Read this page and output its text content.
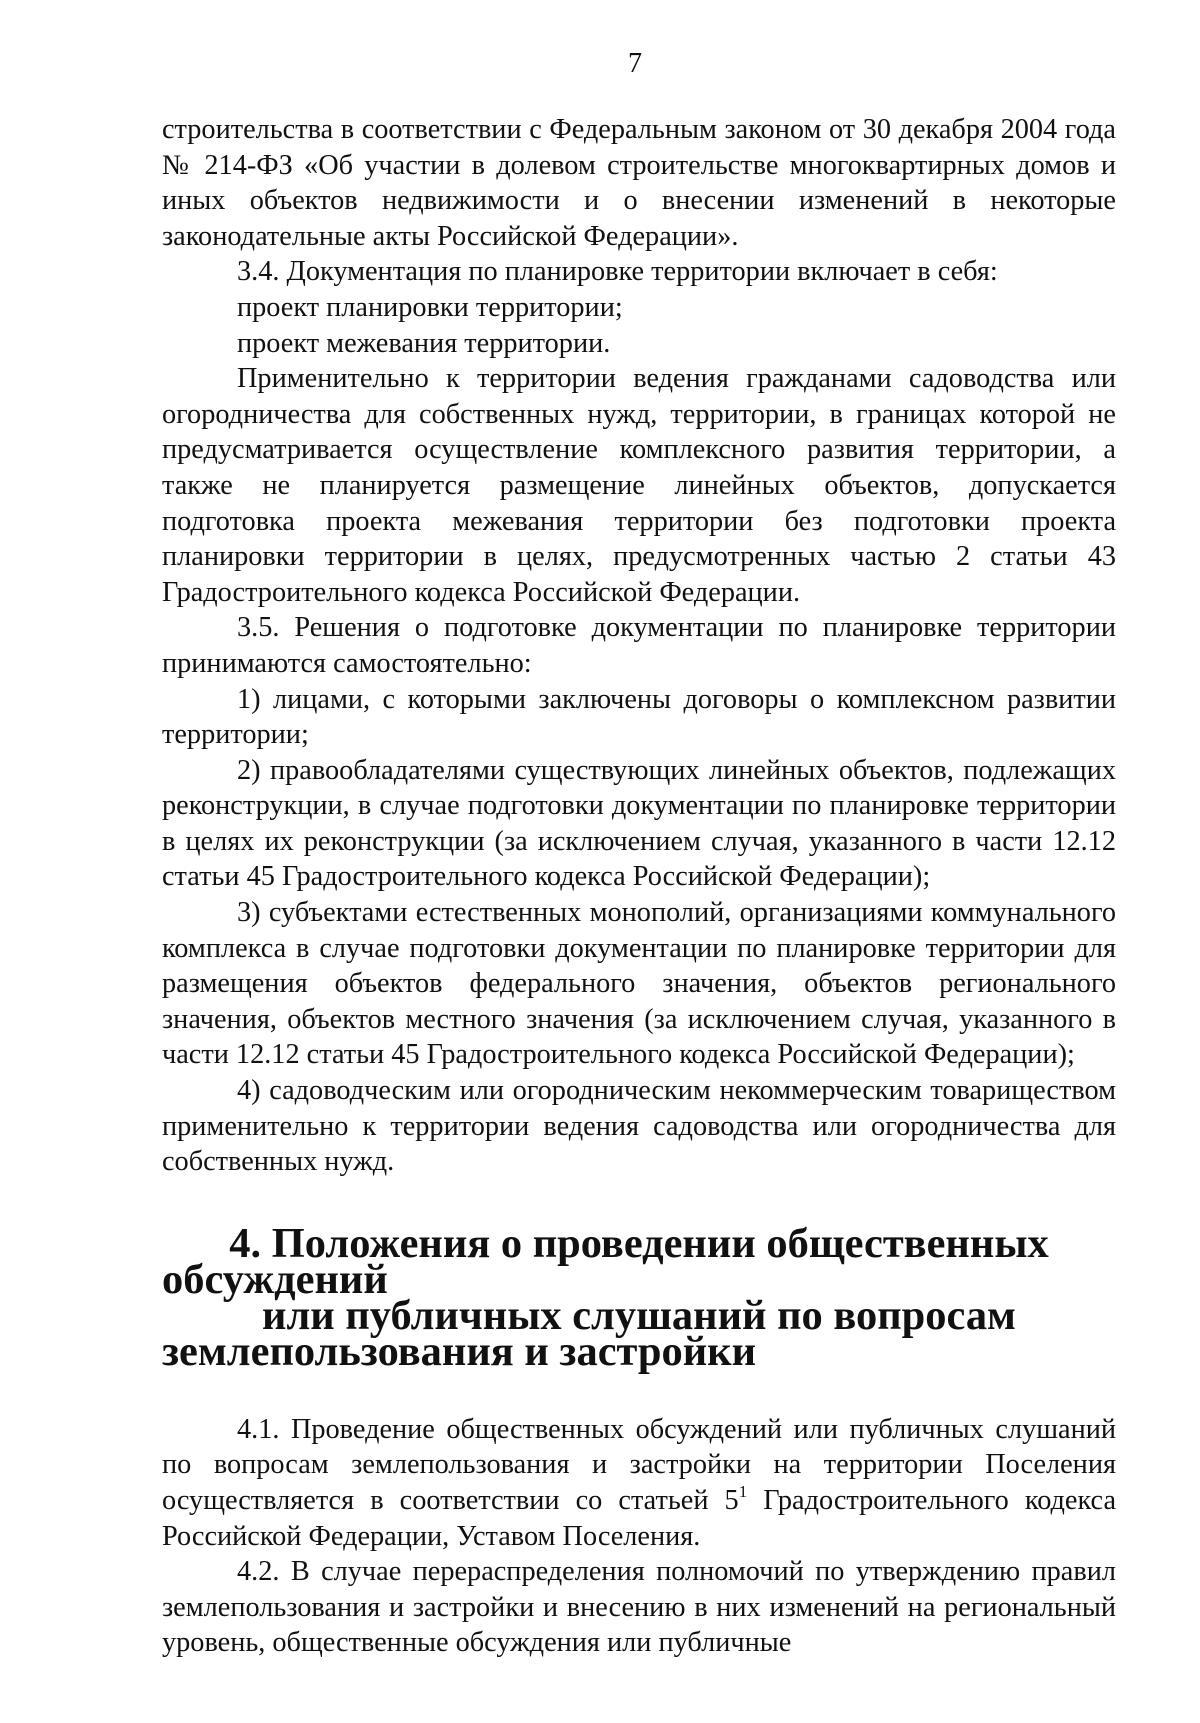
7

строительства в соответствии с Федеральным законом от 30 декабря 2004 года № 214-ФЗ «Об участии в долевом строительстве многоквартирных домов и иных объектов недвижимости и о внесении изменений в некоторые законодательные акты Российской Федерации».

3.4. Документация по планировке территории включает в себя:

проект планировки территории;

проект межевания территории.

Применительно к территории ведения гражданами садоводства или огородничества для собственных нужд, территории, в границах которой не предусматривается осуществление комплексного развития территории, а также не планируется размещение линейных объектов, допускается подготовка проекта межевания территории без подготовки проекта планировки территории в целях, предусмотренных частью 2 статьи 43 Градостроительного кодекса Российской Федерации.

3.5. Решения о подготовке документации по планировке территории принимаются самостоятельно:

1) лицами, с которыми заключены договоры о комплексном развитии территории;

2) правообладателями существующих линейных объектов, подлежащих реконструкции, в случае подготовки документации по планировке территории в целях их реконструкции (за исключением случая, указанного в части 12.12 статьи 45 Градостроительного кодекса Российской Федерации);

3) субъектами естественных монополий, организациями коммунального комплекса в случае подготовки документации по планировке территории для размещения объектов федерального значения, объектов регионального значения, объектов местного значения (за исключением случая, указанного в части 12.12 статьи 45 Градостроительного кодекса Российской Федерации);

4) садоводческим или огородническим некоммерческим товариществом применительно к территории ведения садоводства или огородничества для собственных нужд.

4. Положения о проведении общественных обсуждений
или публичных слушаний по вопросам землепользования и застройки

4.1. Проведение общественных обсуждений или публичных слушаний по вопросам землепользования и застройки на территории Поселения осуществляется в соответствии со статьей $5^1$ Градостроительного кодекса Российской Федерации, Уставом Поселения.

4.2. В случае перераспределения полномочий по утверждению правил землепользования и застройки и внесению в них изменений на региональный уровень, общественные обсуждения или публичные
